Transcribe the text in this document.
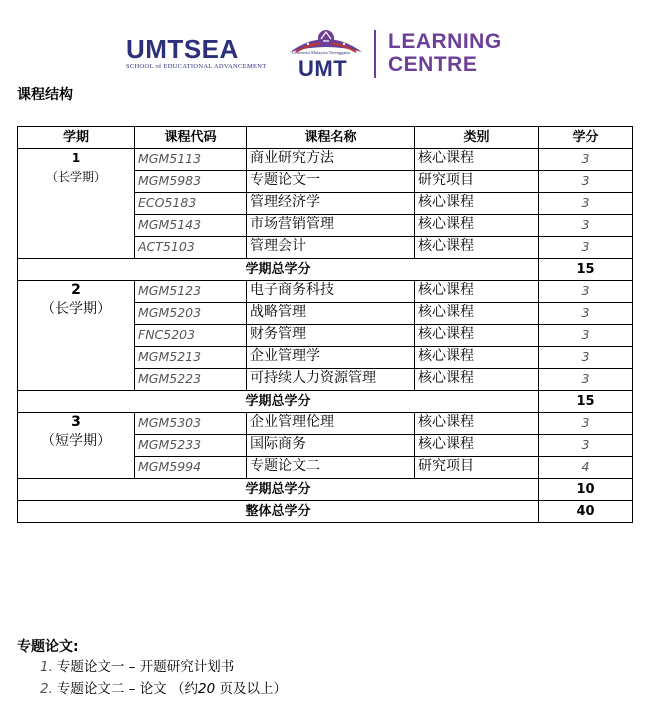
UMTSEA
SCHOOL of EDUCATIONAL ADVANCEMENT
Universiti Malaysia Terengganu
UMT
LEARNING
CENTRE
课程结构
学期	课程代码	课程名称	类别	学分

1
（长学期）	MGM5113	商业研究方法	核心课程	3
	MGM5983	专题论文一	研究项目	3
	ECO5183	管理经济学	核心课程	3
	MGM5143	市场营销管理	核心课程	3
	ACT5103	管理会计	核心课程	3

学期总学分				15

2
（长学期）	MGM5123	电子商务科技	核心课程	3
	MGM5203	战略管理	核心课程	3
	FNC5203	财务管理	核心课程	3
	MGM5213	企业管理学	核心课程	3
	MGM5223	可持续人力资源管理	核心课程	3

学期总学分				15

3
（短学期）	MGM5303	企业管理伦理	核心课程	3
	MGM5233	国际商务	核心课程	3
	MGM5994	专题论文二	研究项目	4

学期总学分				10
整体总学分				40
专题论文:
1. 专题论文一 – 开题研究计划书
2. 专题论文二 – 论文 （约20 页及以上）
